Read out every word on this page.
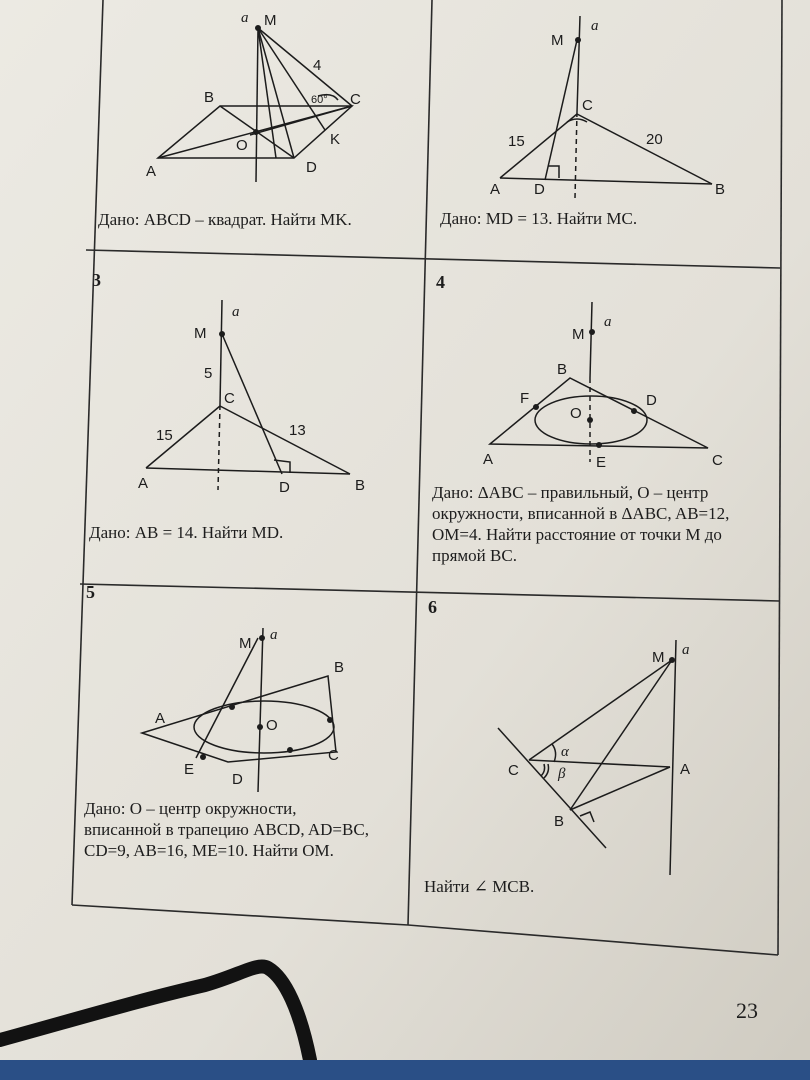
a M
B	C
A
O
D
K
4
60°
Дано: ABCD – квадрат. Найти MK.
M
a
C
A D	B
15	20
Дано: MD = 13. Найти MC.
3
M
a
C
A	D	B
5
15	13
Дано: AB = 14. Найти MD.
4
M
a
B
F	D
O
A	E	C
Дано: ΔABC – правильный, O – центр окружности, вписанной в ΔABC, AB=12, OM=4. Найти расстояние от точки M до прямой BC.
5
M a
B
A	O
E
C
D
Дано: O – центр окружности, вписанной в трапецию ABCD, AD=BC, CD=9, AB=16, ME=10. Найти OM.
6
M a
C	A
B
α
β
Найти ∠ MCB.
23
